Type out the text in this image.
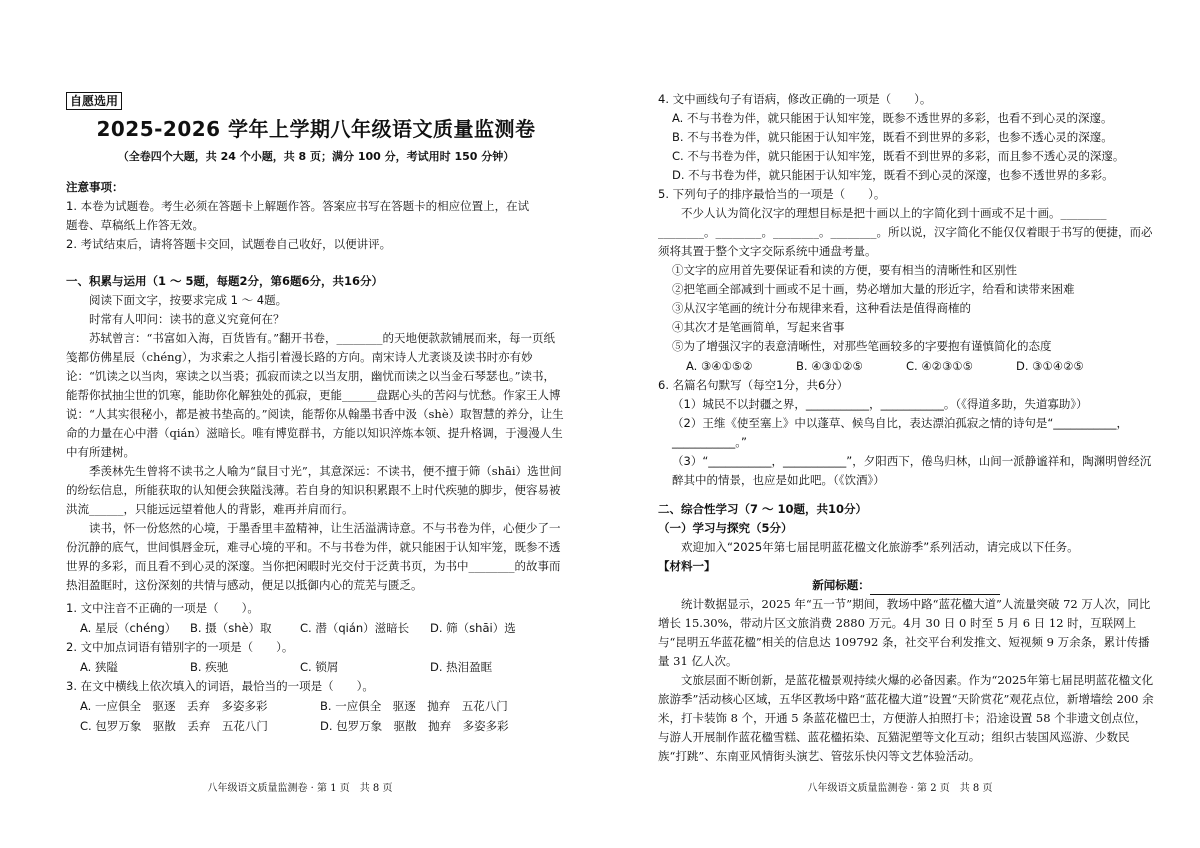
自愿选用
2025-2026 学年上学期八年级语文质量监测卷
（全卷四个大题，共 24 个小题，共 8 页；满分 100 分，考试用时 150 分钟）

注意事项：

1. 本卷为试题卷。考生必须在答题卡上解题作答。答案应书写在答题卡的相应位置上，在试

题卷、草稿纸上作答无效。

2. 考试结束后，请将答题卡交回，试题卷自己收好，以便讲评。

一、积累与运用（1 ～ 5题，每题2分，第6题6分，共16分）

阅读下面文字，按要求完成 1 ～ 4题。

时常有人叩问：读书的意义究竟何在？

苏轼曾言：“书富如入海，百货皆有。”翻开书卷，________的天地便款款铺展而来，每一页纸笺都仿佛星辰（chéng），为求索之人指引着漫长路的方向。南宋诗人尤袤谈及读书时亦有妙论：“饥读之以当肉，寒读之以当裘；孤寂而读之以当友朋，幽忧而读之以当金石琴瑟也。”读书，能帮你拭抽尘世的饥寒，能助你化解独处的孤寂，更能______盘踞心头的苦闷与忧愁。作家王人博说：“人其实很秘小，都是被书垫高的。”阅读，能帮你从翰墨书香中汲（shè）取智慧的养分，让生命的力量在心中潜（qián）滋暗长。唯有博览群书，方能以知识淬炼本领、提升格调，于漫漫人生中有所建树。

季羡林先生曾将不读书之人喻为“鼠目寸光”，其意深远：不读书，便不擅于筛（shāi）选世间的纷纭信息，所能获取的认知便会狭隘浅薄。若自身的知识积累跟不上时代疾驰的脚步，便容易被洪流______，只能远远望着他人的背影，难再并肩而行。

读书，怀一份悠然的心境，于墨香里丰盈精神，让生活溢满诗意。不与书卷为伴，心便少了一份沉静的底气，世间惧唇金玩，难寻心境的平和。不与书卷为伴，就只能困于认知牢笼，既参不透世界的多彩，而且看不到心灵的深邃。当你把闲暇时光交付于泛黄书页，为书中________的故事而热泪盈眶时，这份深刻的共情与感动，便足以抵御内心的荒芜与匮乏。

1. 文中注音不正确的一项是（　　）。

A. 星辰（chéng）	B. 摄（shè）取	C. 潜（qián）滋暗长	D. 筛（shāi）选

2. 文中加点词语有错别字的一项是（　　）。

A. 狭隘	B. 疾驰	C. 锁屑	D. 热泪盈眶

3. 在文中横线上依次填入的词语，最恰当的一项是（　　）。

A. 一应俱全　驱逐　丢弃　多姿多彩	B. 一应俱全　驱逐　抛弃　五花八门
C. 包罗万象　驱散　丢弃　五花八门	D. 包罗万象　驱散　抛弃　多姿多彩
八年级语文质量监测卷 · 第 1 页　共 8 页

4. 文中画线句子有语病，修改正确的一项是（　　）。

A. 不与书卷为伴，就只能困于认知牢笼，既参不透世界的多彩，也看不到心灵的深邃。

B. 不与书卷为伴，就只能困于认知牢笼，既看不到世界的多彩，也参不透心灵的深邃。

C. 不与书卷为伴，就只能困于认知牢笼，既看不到世界的多彩，而且参不透心灵的深邃。

D. 不与书卷为伴，就只能困于认知牢笼，既看不到心灵的深邃，也参不透世界的多彩。

5. 下列句子的排序最恰当的一项是（　　）。

不少人认为简化汉字的理想目标是把十画以上的字简化到十画或不足十画。________ ________。________。________。________。所以说，汉字简化不能仅仅着眼于书写的便捷，而必须将其置于整个文字交际系统中通盘考量。

①文字的应用首先要保证看和读的方便，要有相当的清晰性和区别性

②把笔画全部减到十画或不足十画，势必增加大量的形近字，给看和读带来困难

③从汉字笔画的统计分布规律来看，这种看法是值得商榷的

④其次才是笔画简单，写起来省事

⑤为了增强汉字的表意清晰性，对那些笔画较多的字要抱有谨慎简化的态度

A. ③④①⑤②	B. ④③①②⑤	C. ④②③①⑤	D. ③①④②⑤

6. 名篇名句默写（每空1分，共6分）

（1）城民不以封疆之界，___________，___________。（《得道多助，失道寡助》）

（2）王维《使至塞上》中以蓬草、候鸟自比，表达漂泊孤寂之情的诗句是“___________，___________。”

（3）“___________，___________”，夕阳西下，倦鸟归林，山间一派静谧祥和，陶渊明曾经沉醉其中的情景，也应是如此吧。（《饮酒》）

二、综合性学习（7 ～ 10题，共10分）

（一）学习与探究（5分）

欢迎加入“2025年第七届昆明蓝花楹文化旅游季”系列活动，请完成以下任务。

【材料一】

新闻标题：

统计数据显示，2025 年“五一节”期间，教场中路“蓝花楹大道”人流量突破 72 万人次，同比增长 15.30%，带动片区文旅消费 2880 万元。4月 30 日 0 时至 5 月 6 日 12 时，互联网上与“昆明五华蓝花楹”相关的信息达 109792 条，社交平台利发推文、短视频 9 万余条，累计传播量 31 亿人次。

文旅层面不断创新，是蓝花楹景观持续火爆的必备因素。作为“2025年第七届昆明蓝花楹文化旅游季”活动核心区域，五华区教场中路“蓝花楹大道”设置“天阶赏花”观花点位，新增墙绘 200 余米，打卡装饰 8 个，开通 5 条蓝花楹巴士，方便游人拍照打卡；沿途设置 58 个非遗文创点位，与游人开展制作蓝花楹雪糕、蓝花楹拓染、瓦猫泥塑等文化互动；组织古装国风巡游、少数民族“打跳”、东南亚风情街头演艺、管弦乐快闪等文艺体验活动。

八年级语文质量监测卷 · 第 2 页　共 8 页
